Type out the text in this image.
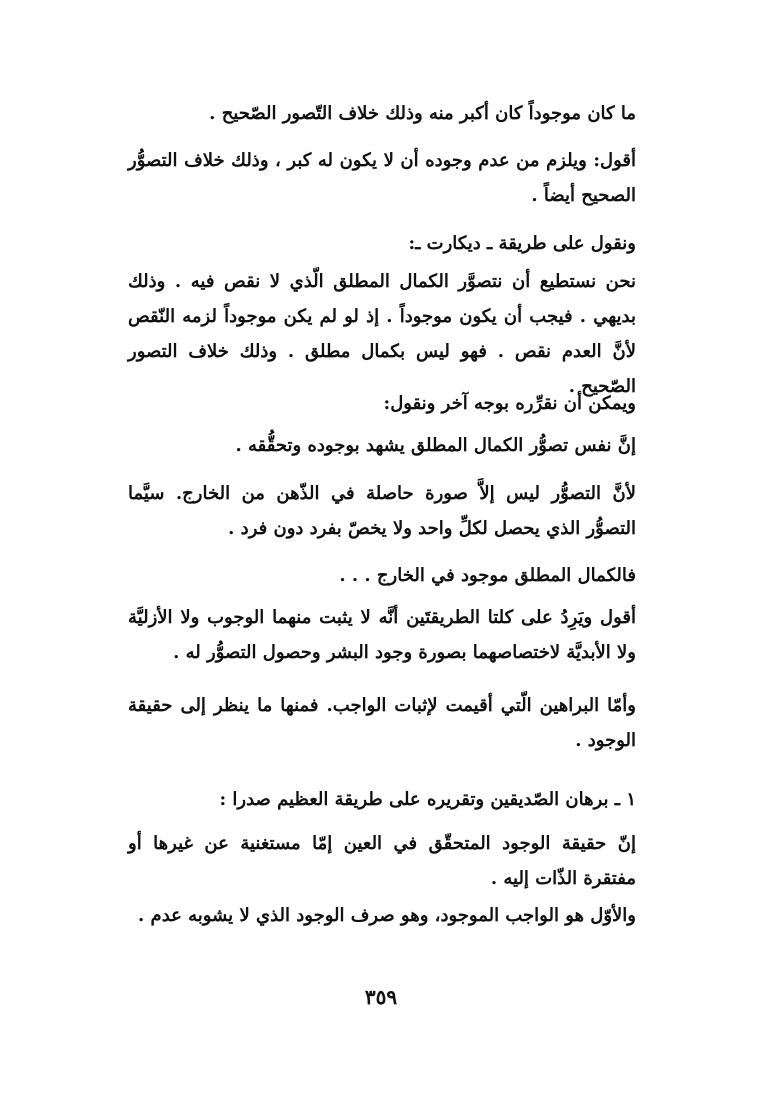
ما كان موجوداً كان أكبر منه وذلك خلاف التّصور الصّحيح .
أقول: ويلزم من عدم وجوده أن لا يكون له كبر ، وذلك خلاف التصوُّر الصحيح أيضاً .
ونقول على طريقة ـ ديكارت ـ:
نحن نستطيع أن نتصوَّر الكمال المطلق الّذي لا نقص فيه . وذلك بديهي . فيجب أن يكون موجوداً . إذ لو لم يكن موجوداً لزمه النّقص لأنَّ العدم نقص . فهو ليس بكمال مطلق . وذلك خلاف التصور الصّحيح .
ويمكن أن نقرِّره بوجه آخر ونقول:
إنَّ نفس تصوُّر الكمال المطلق يشهد بوجوده وتحقُّقه .
لأنَّ التصوُّر ليس إلاَّ صورة حاصلة في الذّهن من الخارج. سيَّما التصوُّر الذي يحصل لكلِّ واحد ولا يخصّ بفرد دون فرد .
فالكمال المطلق موجود في الخارج . . .
أقول ويَرِدُ على كلتا الطريقتَين أنَّه لا يثبت منهما الوجوب ولا الأزليَّة ولا الأبديَّة لاختصاصهما بصورة وجود البشر وحصول التصوُّر له .
وأمّا البراهين الّتي أقيمت لإثبات الواجب. فمنها ما ينظر إلى حقيقة الوجود .
١ ـ برهان الصّديقين وتقريره على طريقة العظيم صدرا :
إنّ حقيقة الوجود المتحقّق في العين إمّا مستغنية عن غيرها أو مفتقرة الذّات إليه .
والأوّل هو الواجب الموجود، وهو صرف الوجود الذي لا يشوبه عدم .
٣٥٩
